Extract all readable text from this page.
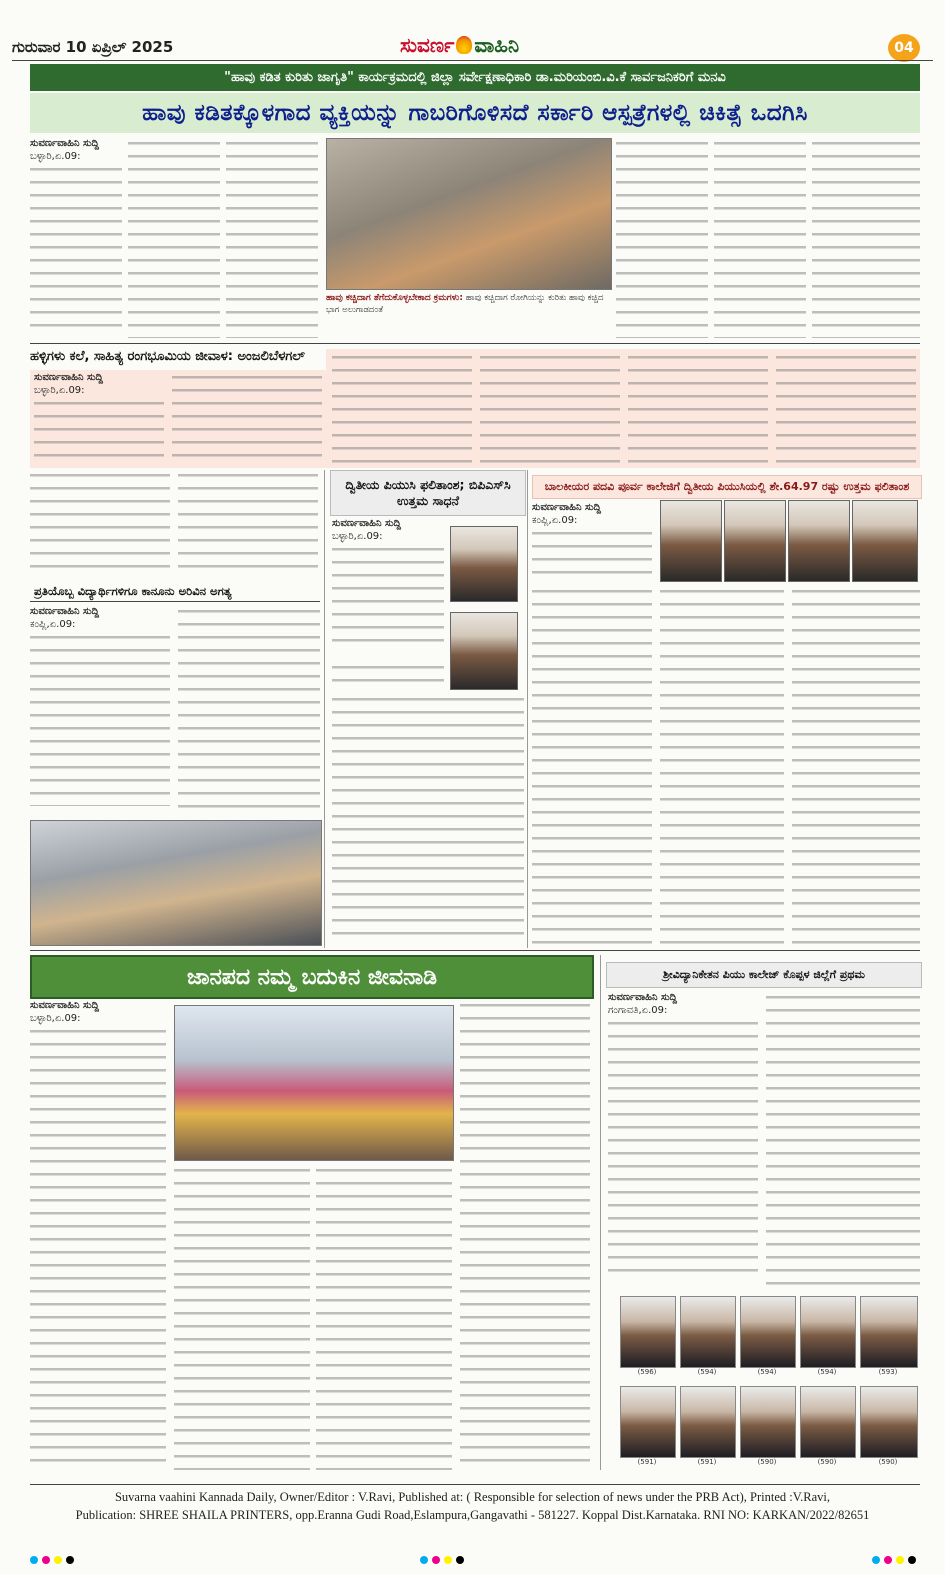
ಗುರುವಾರ 10 ಏಪ್ರಿಲ್ 2025	ಸುವರ್ಣ ವಾಹಿನಿ	04
"ಹಾವು ಕಡಿತ ಕುರಿತು ಜಾಗೃತಿ" ಕಾರ್ಯಕ್ರಮದಲ್ಲಿ ಜಿಲ್ಲಾ ಸರ್ವೇಕ್ಷಣಾಧಿಕಾರಿ ಡಾ.ಮರಿಯಂಬಿ.ವಿ.ಕೆ ಸಾರ್ವಜನಿಕರಿಗೆ ಮನವಿ
ಹಾವು ಕಡಿತಕ್ಕೊಳಗಾದ ವ್ಯಕ್ತಿಯನ್ನು ಗಾಬರಿಗೊಳಿಸದೆ ಸರ್ಕಾರಿ ಆಸ್ಪತ್ರೆಗಳಲ್ಲಿ ಚಿಕಿತ್ಸೆ ಒದಗಿಸಿ
ಸುವರ್ಣವಾಹಿನಿ ಸುದ್ದಿ
ಬಳ್ಳಾರಿ,ಏ.09:
ಹಾವು ಕಚ್ಚಿದಾಗ ತೆಗೆದುಕೊಳ್ಳಬೇಕಾದ ಕ್ರಮಗಳು: ಹಾವು ಕಚ್ಚಿದಾಗ ರೋಗಿಯನ್ನು ಕುರಿತು ಹಾವು ಕಚ್ಚಿದ ಭಾಗ ಅಲುಗಾಡದಂತೆ
ಹಳ್ಳಿಗಳು ಕಲೆ, ಸಾಹಿತ್ಯ ರಂಗಭೂಮಿಯ ಜೀವಾಳ: ಅಂಜಲಿಬೆಳಗಲ್
ಸುವರ್ಣವಾಹಿನಿ ಸುದ್ದಿ
ಬಳ್ಳಾರಿ,ಏ.09:
ಪ್ರತಿಯೊಬ್ಬ ವಿದ್ಯಾರ್ಥಿಗಳಿಗೂ ಕಾನೂನು ಅರಿವಿನ ಅಗತ್ಯ
ಸುವರ್ಣವಾಹಿನಿ ಸುದ್ದಿ
ಕಂಪ್ಲಿ,ಏ.09:
ದ್ವಿತೀಯ ಪಿಯುಸಿ ಫಲಿತಾಂಶ; ಬಿಪಿಎಸ್‌ಸಿ ಉತ್ತಮ ಸಾಧನೆ
ಸುವರ್ಣವಾಹಿನಿ ಸುದ್ದಿ
ಬಳ್ಳಾರಿ,ಏ.09:
ಬಾಲಕೀಯರ ಪದವಿ ಪೂರ್ವ ಕಾಲೇಜಿಗೆ ದ್ವಿತೀಯ ಪಿಯುಸಿಯಲ್ಲಿ ಶೇ.64.97 ರಷ್ಟು ಉತ್ತಮ ಫಲಿತಾಂಶ
ಸುವರ್ಣವಾಹಿನಿ ಸುದ್ದಿ
ಕಂಪ್ಲಿ,ಏ.09:
ಜಾನಪದ ನಮ್ಮ ಬದುಕಿನ ಜೀವನಾಡಿ
ಸುವರ್ಣವಾಹಿನಿ ಸುದ್ದಿ
ಬಳ್ಳಾರಿ,ಏ.09:
ಶ್ರೀವಿದ್ಯಾನಿಕೇತನ ಪಿಯು ಕಾಲೇಜ್ ಕೊಪ್ಪಳ ಜಿಲ್ಲೆಗೆ ಪ್ರಥಮ
ಸುವರ್ಣವಾಹಿನಿ ಸುದ್ದಿ
ಗಂಗಾವತಿ,ಏ.09:
(596)	(594)	(594)	(594)	(593)
(591)	(591)	(590)	(590)	(590)
Suvarna vaahini Kannada Daily, Owner/Editor : V.Ravi, Published at: ( Responsible for selection of news under the PRB Act), Printed :V.Ravi,
Publication: SHREE SHAILA PRINTERS, opp.Eranna Gudi Road,Eslampura,Gangavathi - 581227. Koppal Dist.Karnataka. RNI NO: KARKAN/2022/82651
